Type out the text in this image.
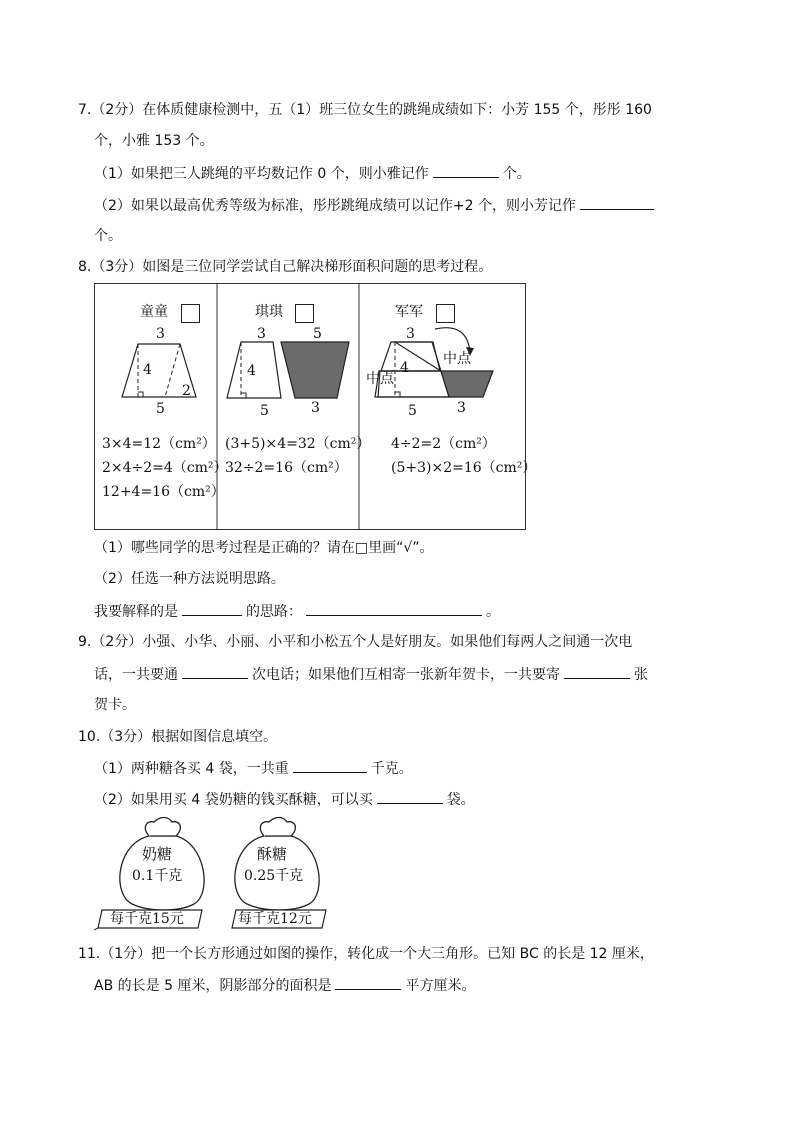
7.（2分）在体质健康检测中，五（1）班三位女生的跳绳成绩如下：小芳 155 个，彤彤 160
个，小雅 153 个。
（1）如果把三人跳绳的平均数记作 0 个，则小雅记作	个。
（2）如果以最高优秀等级为标准，彤彤跳绳成绩可以记作+2 个，则小芳记作
个。
8.（3分）如图是三位同学尝试自己解决梯形面积问题的思考过程。
童童
3
4
2
5
3×4=12（cm²）
2×4÷2=4（cm²）
12+4=16（cm²）
琪琪
3	5
4
5	3
(3+5)×4=32（cm²）
32÷2=16（cm²）
军军
3
4
中点
中点
5	3
4÷2=2（cm²）
(5+3)×2=16（cm²）
（1）哪些同学的思考过程是正确的？请在□里画“√”。
（2）任选一种方法说明思路。
我要解释的是	的思路：	。
9.（2分）小强、小华、小丽、小平和小松五个人是好朋友。如果他们每两人之间通一次电
话，一共要通	次电话；如果他们互相寄一张新年贺卡，一共要寄	张
贺卡。
10.（3分）根据如图信息填空。
（1）两种糖各买 4 袋，一共重	千克。
（2）如果用买 4 袋奶糖的钱买酥糖，可以买	袋。
奶糖
0.1千克
每千克15元
酥糖
0.25千克
每千克12元
11.（1分）把一个长方形通过如图的操作，转化成一个大三角形。已知 BC 的长是 12 厘米，
AB 的长是 5 厘米，阴影部分的面积是	平方厘米。
